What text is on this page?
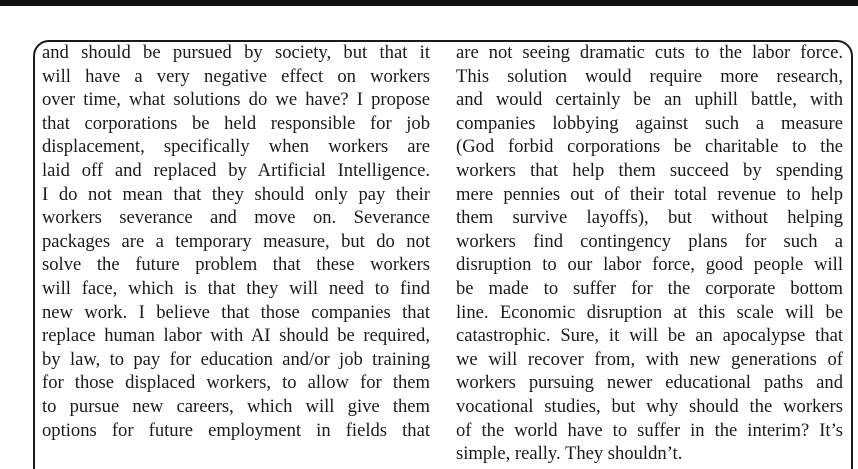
and should be pursued by society, but that it
will have a very negative effect on workers
over time, what solutions do we have? I propose
that corporations be held responsible for job
displacement, specifically when workers are
laid off and replaced by Artificial Intelligence.
I do not mean that they should only pay their
workers severance and move on. Severance
packages are a temporary measure, but do not
solve the future problem that these workers
will face, which is that they will need to find
new work. I believe that those companies that
replace human labor with AI should be required,
by law, to pay for education and/or job training
for those displaced workers, to allow for them
to pursue new careers, which will give them
options for future employment in fields that
are not seeing dramatic cuts to the labor force.
This solution would require more research,
and would certainly be an uphill battle, with
companies lobbying against such a measure
(God forbid corporations be charitable to the
workers that help them succeed by spending
mere pennies out of their total revenue to help
them survive layoffs), but without helping
workers find contingency plans for such a
disruption to our labor force, good people will
be made to suffer for the corporate bottom
line. Economic disruption at this scale will be
catastrophic. Sure, it will be an apocalypse that
we will recover from, with new generations of
workers pursuing newer educational paths and
vocational studies, but why should the workers
of the world have to suffer in the interim? It’s
simple, really. They shouldn’t.
